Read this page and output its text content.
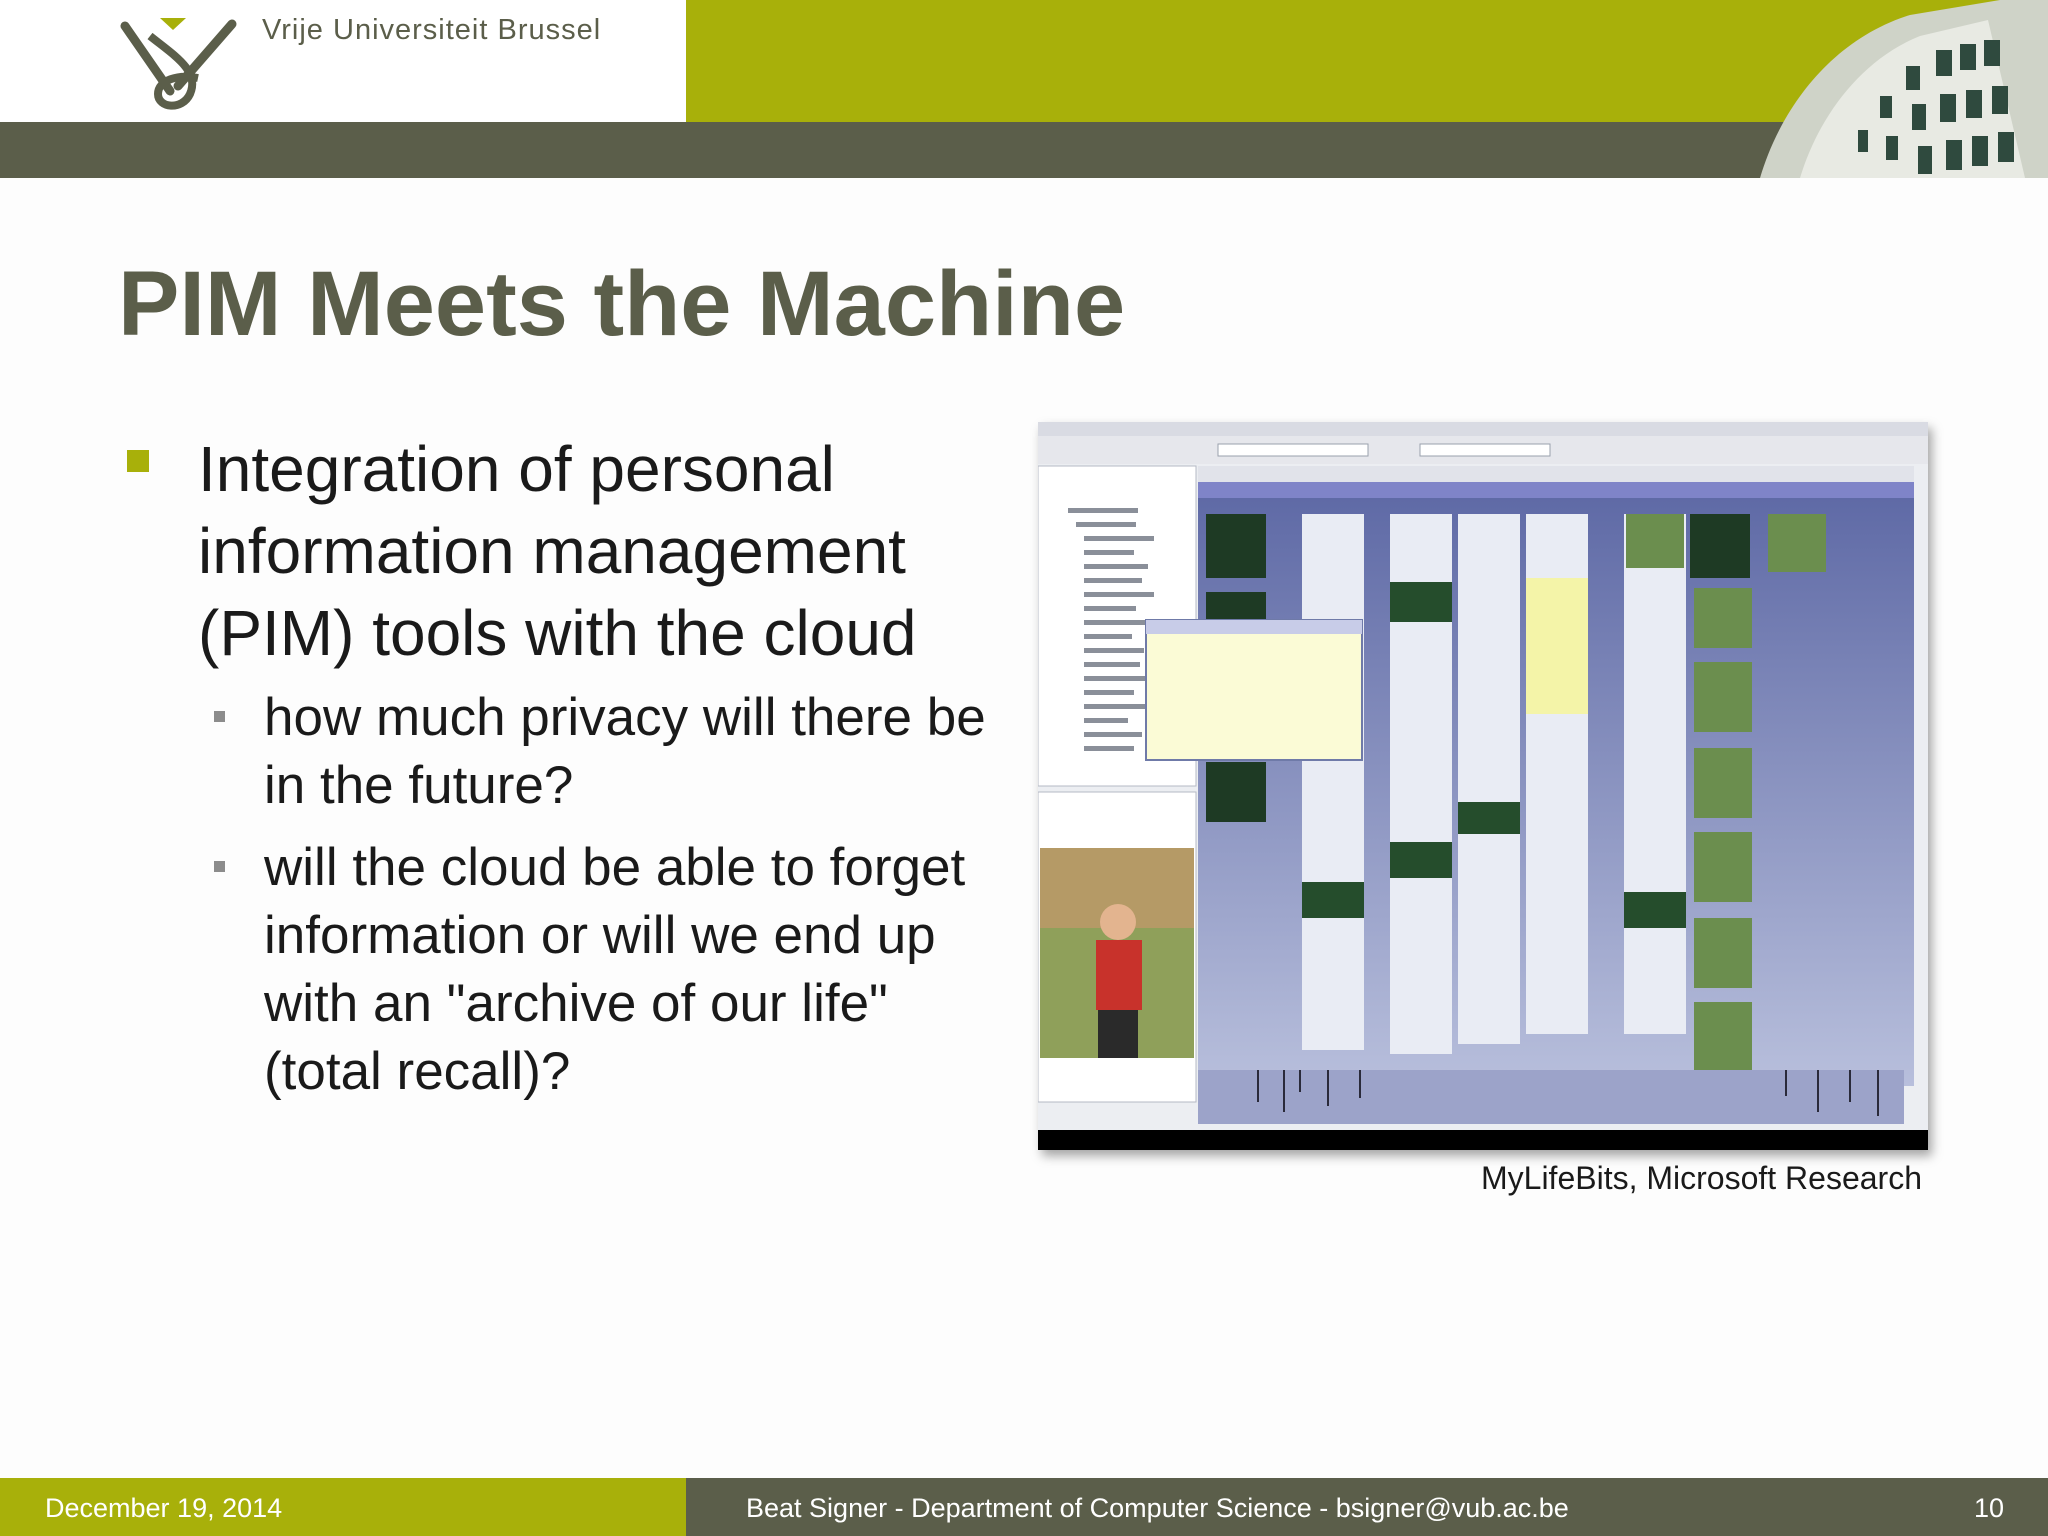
Vrije Universiteit Brussel
PIM Meets the Machine
Integration of personal information management (PIM) tools with the cloud
how much privacy will there be in the future?
will the cloud be able to forget information or will we end up with an "archive of our life" (total recall)?
MyLifeBits, Microsoft Research
December 19, 2014	Beat Signer - Department of Computer Science - bsigner@vub.ac.be	10
